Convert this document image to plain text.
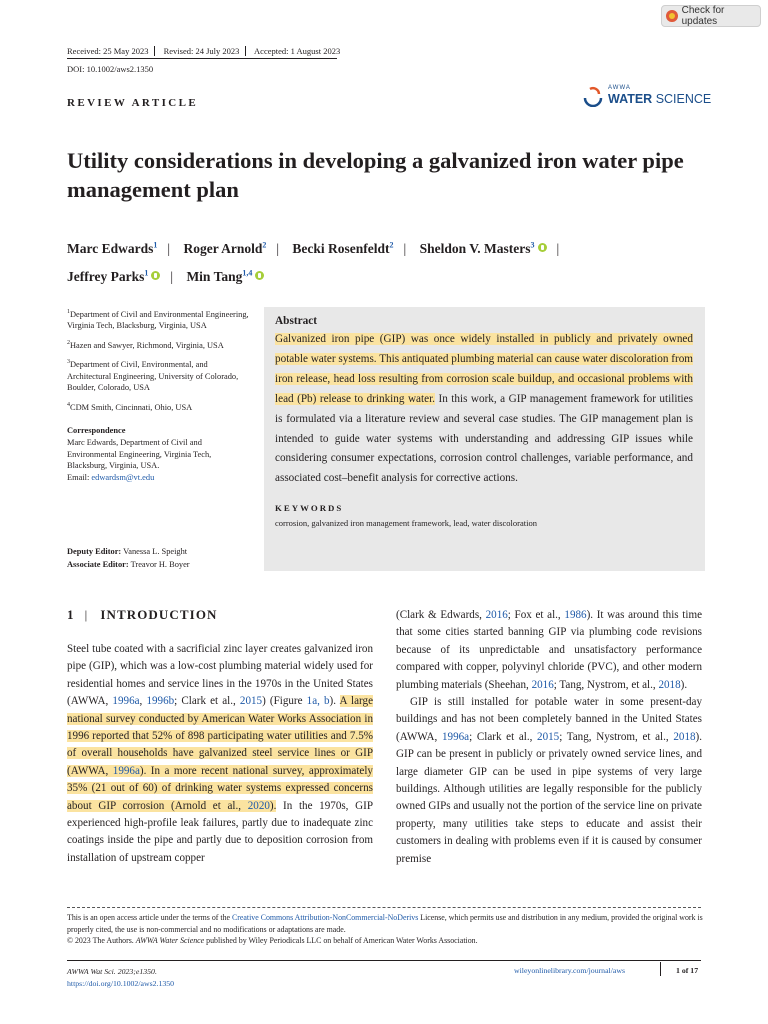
Check for updates
Received: 25 May 2023 Revised: 24 July 2023 Accepted: 1 August 2023
DOI: 10.1002/aws2.1350
REVIEW ARTICLE
AWWA
WATER SCIENCE
Utility considerations in developing a galvanized iron water pipe management plan
Marc Edwards$^1$ | Roger Arnold$^2$ | Becki Rosenfeldt$^2$ | Sheldon V. Masters$^3$ |
Jeffrey Parks$^1$ | Min Tang$^{1,4}$

$^1$Department of Civil and Environmental Engineering, Virginia Tech, Blacksburg, Virginia, USA

$^2$Hazen and Sawyer, Richmond, Virginia, USA

$^3$Department of Civil, Environmental, and Architectural Engineering, University of Colorado, Boulder, Colorado, USA

$^4$CDM Smith, Cincinnati, Ohio, USA

Correspondence

Marc Edwards, Department of Civil and Environmental Engineering, Virginia Tech, Blacksburg, Virginia, USA.
Email: edwardsm@vt.edu

Deputy Editor: Vanessa L. Speight
Associate Editor: Treavor H. Boyer
Abstract
Galvanized iron pipe (GIP) was once widely installed in publicly and privately owned potable water systems. This antiquated plumbing material can cause water discoloration from iron release, head loss resulting from corrosion scale buildup, and occasional problems with lead (Pb) release to drinking water. In this work, a GIP management framework for utilities is formulated via a literature review and several case studies. The GIP management plan is intended to guide water systems with understanding and addressing GIP issues while considering consumer expectations, corrosion control challenges, variable performance, and associated cost–benefit analysis for corrective actions.
KEYWORDS
corrosion, galvanized iron management framework, lead, water discoloration
1 | INTRODUCTION
Steel tube coated with a sacrificial zinc layer creates galvanized iron pipe (GIP), which was a low-cost plumbing material widely used for residential homes and service lines in the 1970s in the United States (AWWA, 1996a, 1996b; Clark et al., 2015) (Figure 1a, b). A large national survey conducted by American Water Works Association in 1996 reported that 52% of 898 participating water utilities and 7.5% of overall households have galvanized steel service lines or GIP (AWWA, 1996a). In a more recent national survey, approximately 35% (21 out of 60) of drinking water systems expressed concerns about GIP corrosion (Arnold et al., 2020). In the 1970s, GIP experienced high-profile leak failures, partly due to inadequate zinc coatings inside the pipe and partly due to deposition corrosion from installation of upstream copper

(Clark & Edwards, 2016; Fox et al., 1986). It was around this time that some cities started banning GIP via plumbing code revisions because of its unpredictable and unsatisfactory performance compared with copper, polyvinyl chloride (PVC), and other modern plumbing materials (Sheehan, 2016; Tang, Nystrom, et al., 2018).

GIP is still installed for potable water in some present-day buildings and has not been completely banned in the United States (AWWA, 1996a; Clark et al., 2015; Tang, Nystrom, et al., 2018). GIP can be present in publicly or privately owned service lines, and large diameter GIP can be used in pipe systems of very large buildings. Although utilities are legally responsible for the publicly owned GIPs and usually not the portion of the service line on private property, many utilities take steps to educate and assist their customers in dealing with problems even if it is caused by consumer premise

This is an open access article under the terms of the Creative Commons Attribution-NonCommercial-NoDerivs License, which permits use and distribution in any medium, provided the original work is properly cited, the use is non-commercial and no modifications or adaptations are made.
© 2023 The Authors. AWWA Water Science published by Wiley Periodicals LLC on behalf of American Water Works Association.
AWWA Wat Sci. 2023;e1350.
https://doi.org/10.1002/aws2.1350
wileyonlinelibrary.com/journal/aws	1 of 17
